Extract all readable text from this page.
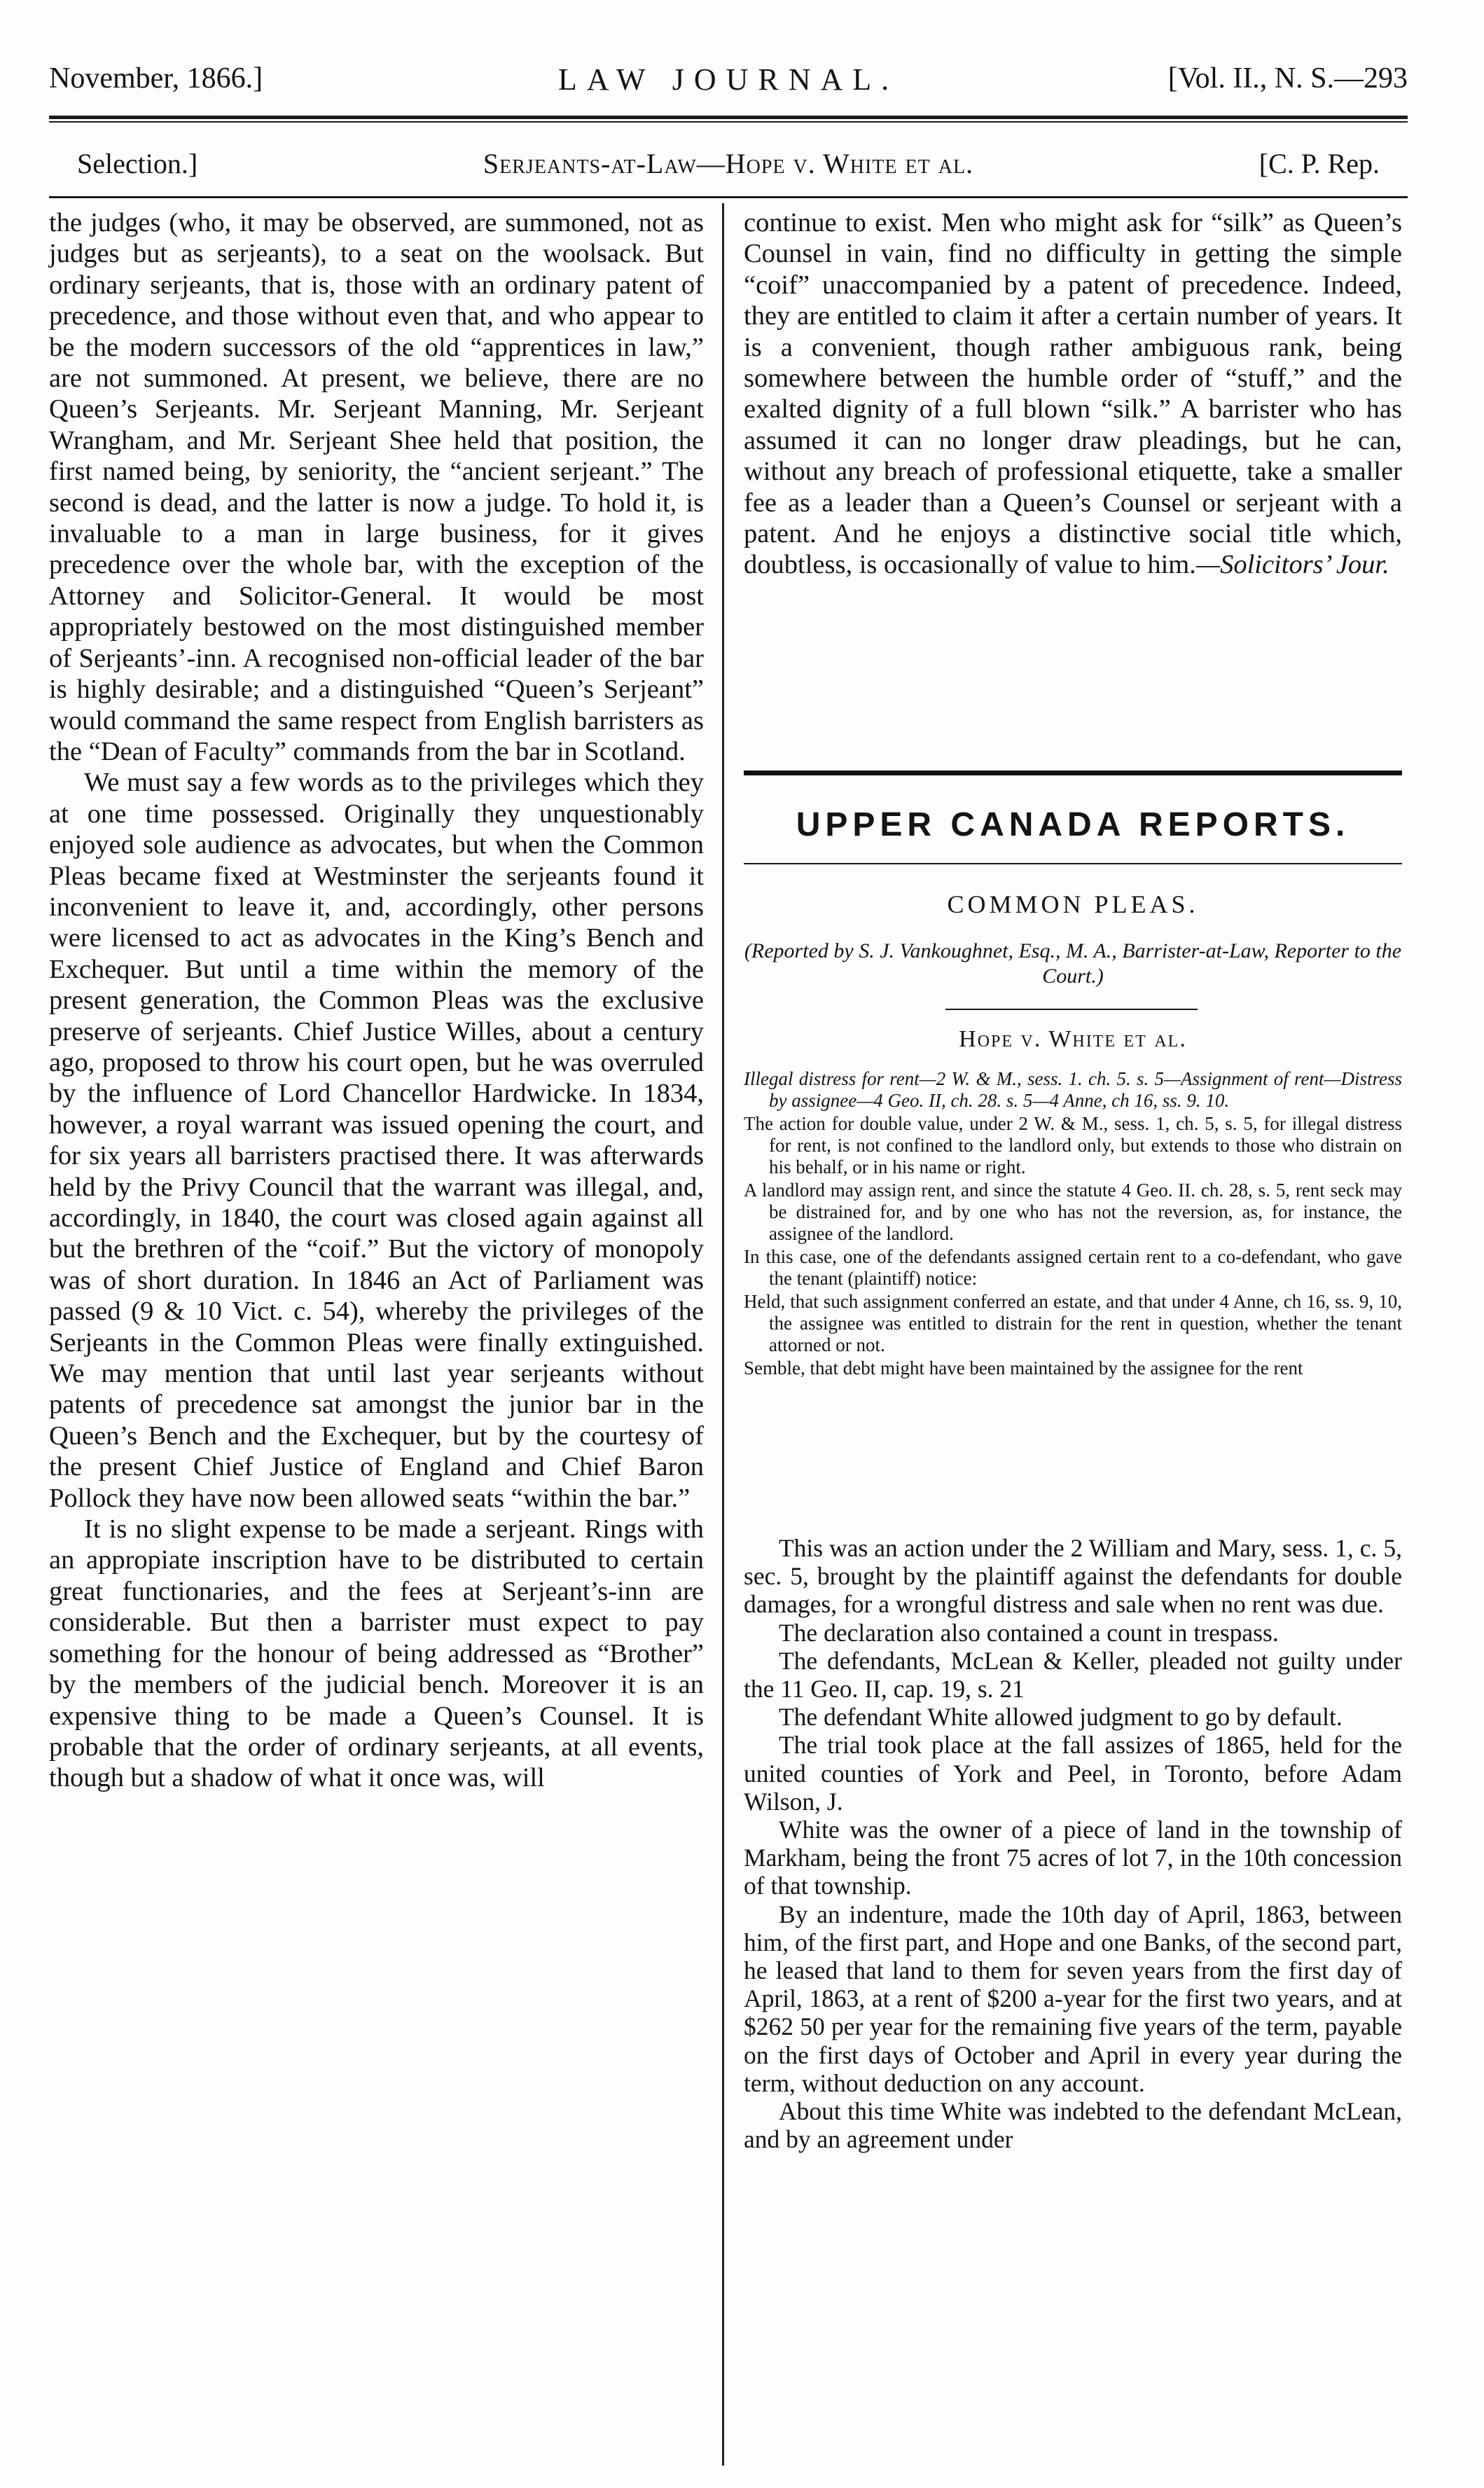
November, 1866.]	LAW JOURNAL.	[Vol. II., N. S.—293
Selection.]	Serjeants-at-Law—Hope v. White et al.	[C. P. Rep.

the judges (who, it may be observed, are summoned, not as judges but as serjeants), to a seat on the woolsack. But ordinary serjeants, that is, those with an ordinary patent of precedence, and those without even that, and who appear to be the modern successors of the old “apprentices in law,” are not summoned. At present, we believe, there are no Queen’s Serjeants. Mr. Serjeant Manning, Mr. Serjeant Wrangham, and Mr. Serjeant Shee held that position, the first named being, by seniority, the “ancient serjeant.” The second is dead, and the latter is now a judge. To hold it, is invaluable to a man in large business, for it gives precedence over the whole bar, with the exception of the Attorney and Solicitor-General. It would be most appropriately bestowed on the most distinguished member of Serjeants’-inn. A recognised non-official leader of the bar is highly desirable; and a distinguished “Queen’s Serjeant” would command the same respect from English barristers as the “Dean of Faculty” commands from the bar in Scotland.

We must say a few words as to the privileges which they at one time possessed. Originally they unquestionably enjoyed sole audience as advocates, but when the Common Pleas became fixed at Westminster the serjeants found it inconvenient to leave it, and, accordingly, other persons were licensed to act as advocates in the King’s Bench and Exchequer. But until a time within the memory of the present generation, the Common Pleas was the exclusive preserve of serjeants. Chief Justice Willes, about a century ago, proposed to throw his court open, but he was overruled by the influence of Lord Chancellor Hardwicke. In 1834, however, a royal warrant was issued opening the court, and for six years all barristers practised there. It was afterwards held by the Privy Council that the warrant was illegal, and, accordingly, in 1840, the court was closed again against all but the brethren of the “coif.” But the victory of monopoly was of short duration. In 1846 an Act of Parliament was passed (9 & 10 Vict. c. 54), whereby the privileges of the Serjeants in the Common Pleas were finally extinguished. We may mention that until last year serjeants without patents of precedence sat amongst the junior bar in the Queen’s Bench and the Exchequer, but by the courtesy of the present Chief Justice of England and Chief Baron Pollock they have now been allowed seats “within the bar.”

It is no slight expense to be made a serjeant. Rings with an appropiate inscription have to be distributed to certain great functionaries, and the fees at Serjeant’s-inn are considerable. But then a barrister must expect to pay something for the honour of being addressed as “Brother” by the members of the judicial bench. Moreover it is an expensive thing to be made a Queen’s Counsel. It is probable that the order of ordinary serjeants, at all events, though but a shadow of what it once was, will

continue to exist. Men who might ask for “silk” as Queen’s Counsel in vain, find no difficulty in getting the simple “coif” unaccompanied by a patent of precedence. Indeed, they are entitled to claim it after a certain number of years. It is a convenient, though rather ambiguous rank, being somewhere between the humble order of “stuff,” and the exalted dignity of a full blown “silk.” A barrister who has assumed it can no longer draw pleadings, but he can, without any breach of professional etiquette, take a smaller fee as a leader than a Queen’s Counsel or serjeant with a patent. And he enjoys a distinctive social title which, doubtless, is occasionally of value to him.—Solicitors’ Jour.

UPPER CANADA REPORTS.
COMMON PLEAS.
(Reported by S. J. Vankoughnet, Esq., M. A., Barrister-at-Law, Reporter to the Court.)
Hope v. White et al.

Illegal distress for rent—2 W. & M., sess. 1. ch. 5. s. 5—Assignment of rent—Distress by assignee—4 Geo. II, ch. 28. s. 5—4 Anne, ch 16, ss. 9. 10.

The action for double value, under 2 W. & M., sess. 1, ch. 5, s. 5, for illegal distress for rent, is not confined to the landlord only, but extends to those who distrain on his behalf, or in his name or right.

A landlord may assign rent, and since the statute 4 Geo. II. ch. 28, s. 5, rent seck may be distrained for, and by one who has not the reversion, as, for instance, the assignee of the landlord.

In this case, one of the defendants assigned certain rent to a co-defendant, who gave the tenant (plaintiff) notice:

Held, that such assignment conferred an estate, and that under 4 Anne, ch 16, ss. 9, 10, the assignee was entitled to distrain for the rent in question, whether the tenant attorned or not.

Semble, that debt might have been maintained by the assignee for the rent

This was an action under the 2 William and Mary, sess. 1, c. 5, sec. 5, brought by the plaintiff against the defendants for double damages, for a wrongful distress and sale when no rent was due.

The declaration also contained a count in trespass.

The defendants, McLean & Keller, pleaded not guilty under the 11 Geo. II, cap. 19, s. 21

The defendant White allowed judgment to go by default.

The trial took place at the fall assizes of 1865, held for the united counties of York and Peel, in Toronto, before Adam Wilson, J.

White was the owner of a piece of land in the township of Markham, being the front 75 acres of lot 7, in the 10th concession of that township.

By an indenture, made the 10th day of April, 1863, between him, of the first part, and Hope and one Banks, of the second part, he leased that land to them for seven years from the first day of April, 1863, at a rent of $200 a-year for the first two years, and at $262 50 per year for the remaining five years of the term, payable on the first days of October and April in every year during the term, without deduction on any account.

About this time White was indebted to the defendant McLean, and by an agreement under
